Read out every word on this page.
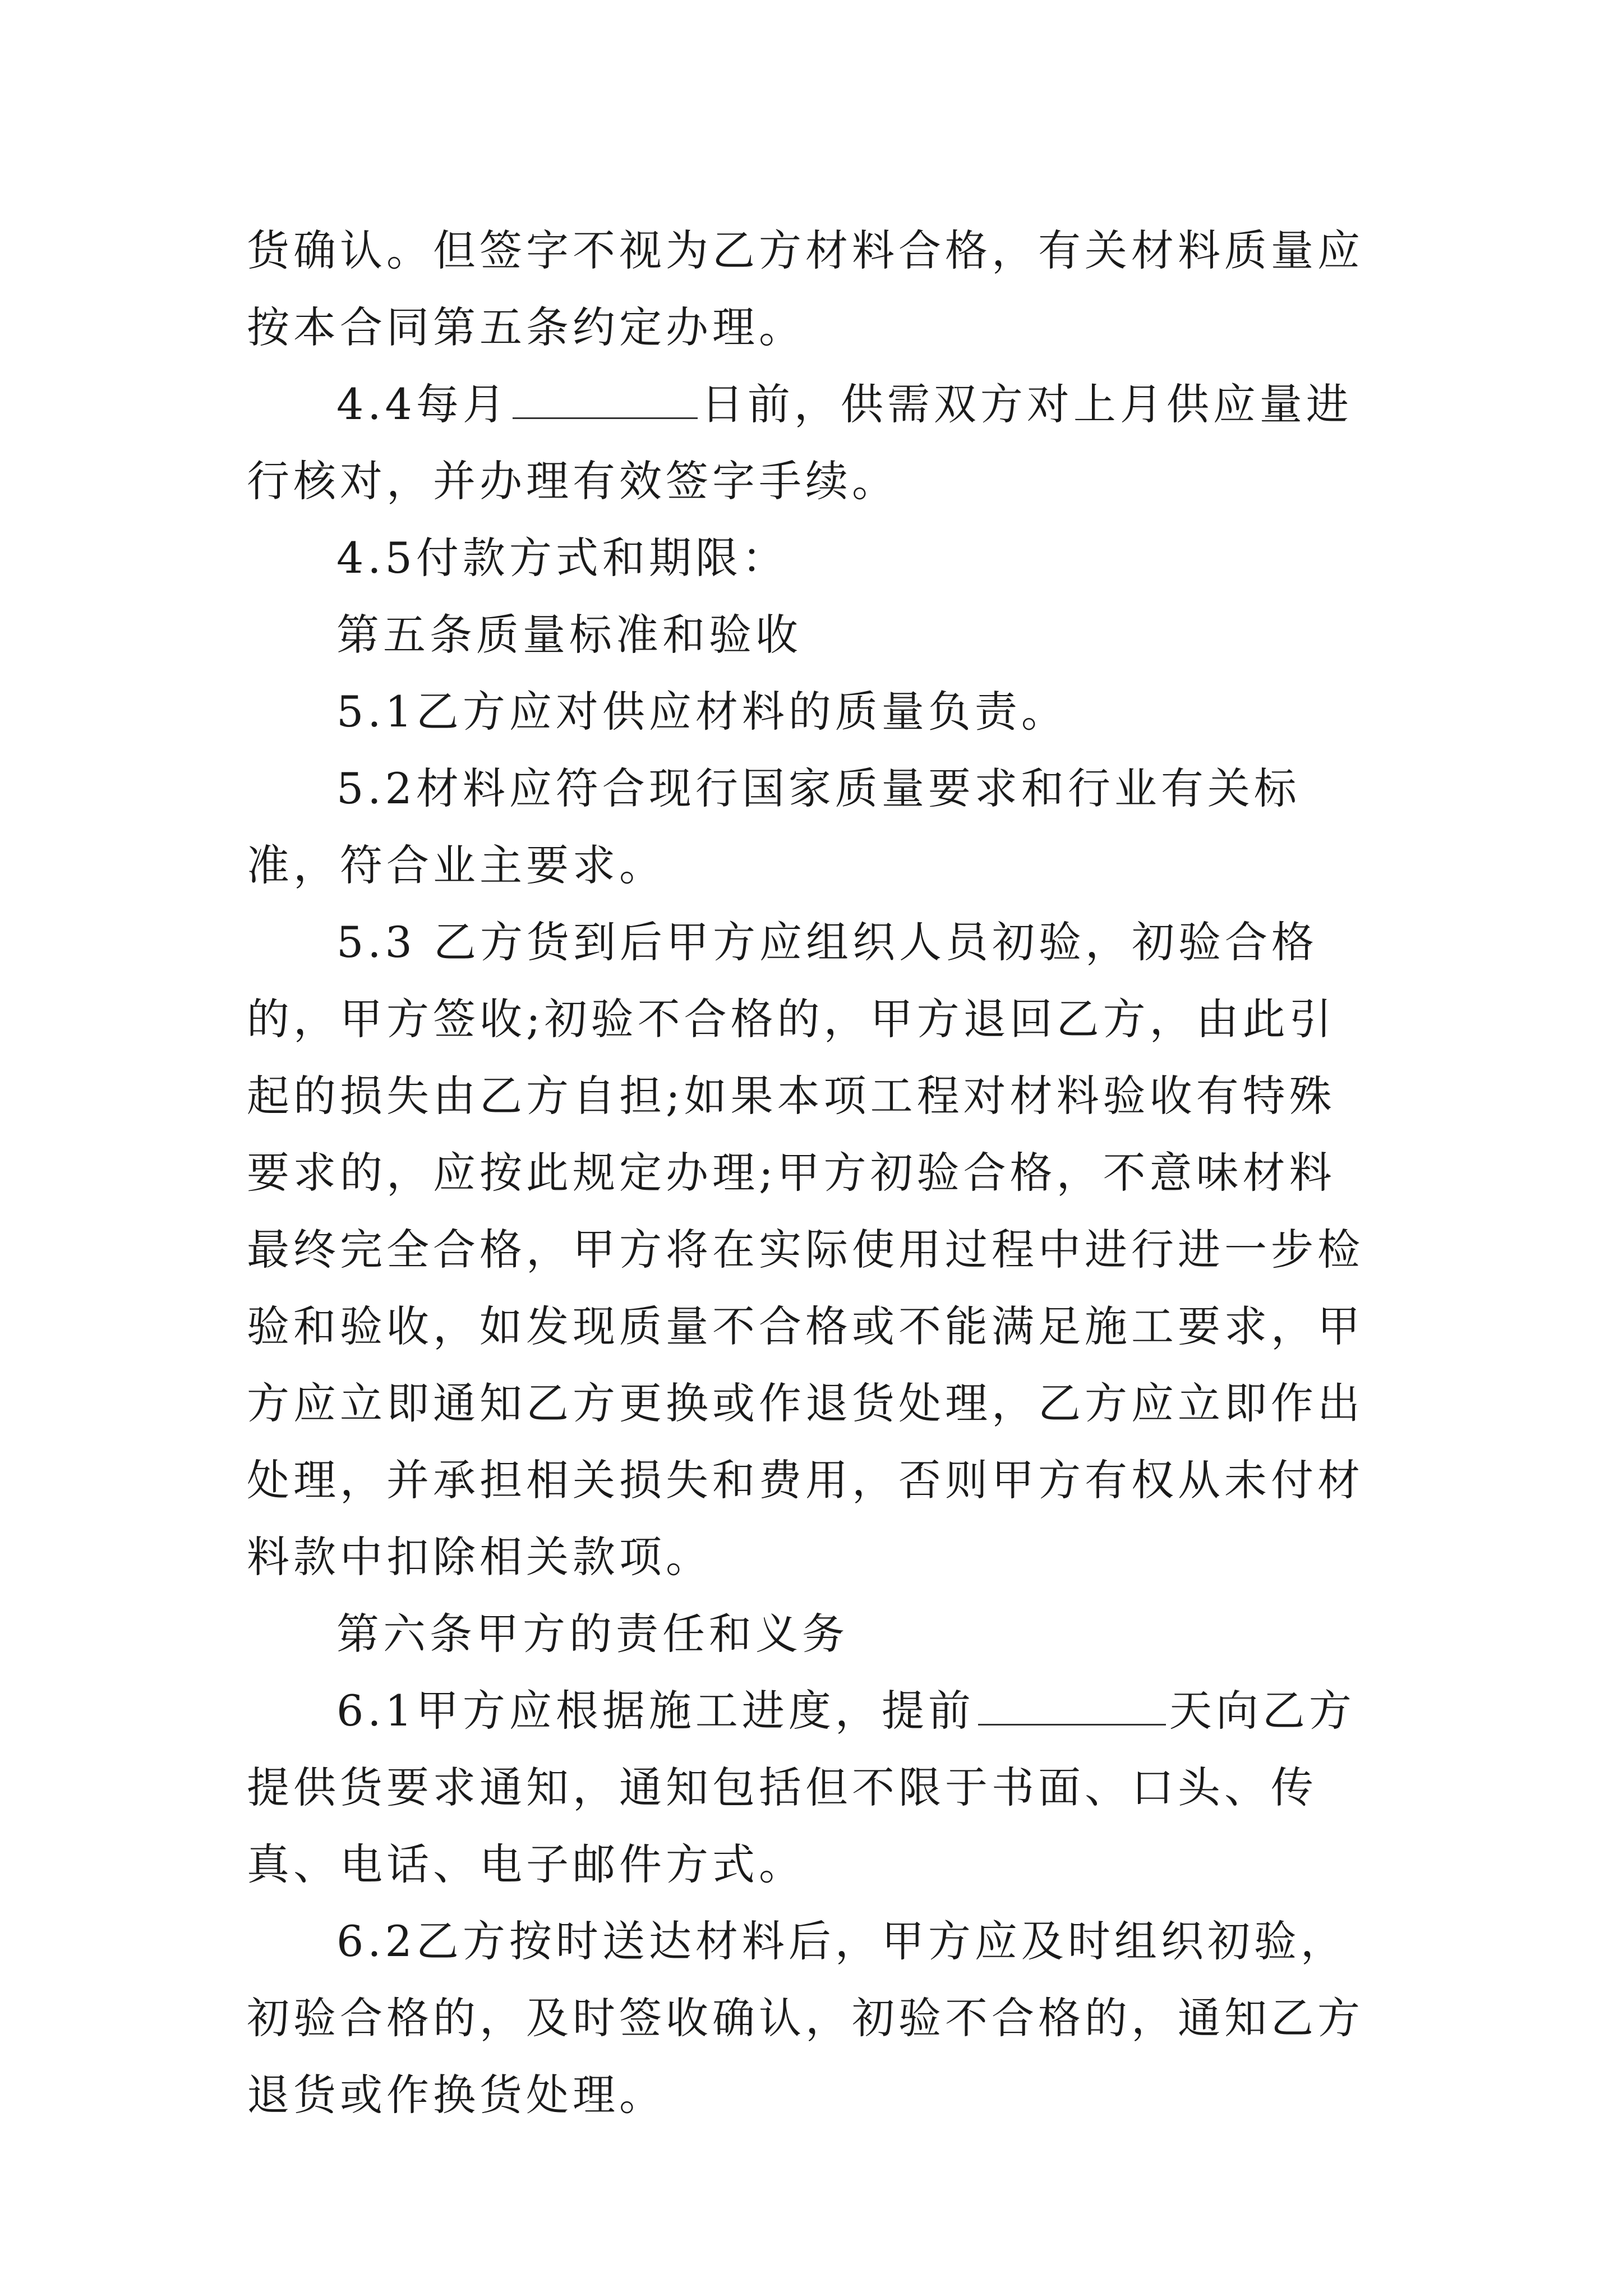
货确认。但签字不视为乙方材料合格，有关材料质量应按本合同第五条约定办理。

4.4每月	日前，供需双方对上月供应量进行核对，并办理有效签字手续。

4.5付款方式和期限：

第五条质量标准和验收

5.1乙方应对供应材料的质量负责。

5.2材料应符合现行国家质量要求和行业有关标准，符合业主要求。

5.3 乙方货到后甲方应组织人员初验，初验合格的，甲方签收;初验不合格的，甲方退回乙方，由此引起的损失由乙方自担;如果本项工程对材料验收有特殊要求的，应按此规定办理;甲方初验合格，不意味材料最终完全合格，甲方将在实际使用过程中进行进一步检验和验收，如发现质量不合格或不能满足施工要求，甲方应立即通知乙方更换或作退货处理，乙方应立即作出处理，并承担相关损失和费用，否则甲方有权从未付材料款中扣除相关款项。

第六条甲方的责任和义务

6.1甲方应根据施工进度，提前	天向乙方提供货要求通知，通知包括但不限于书面、口头、传真、电话、电子邮件方式。

6.2乙方按时送达材料后，甲方应及时组织初验，初验合格的，及时签收确认，初验不合格的，通知乙方退货或作换货处理。
